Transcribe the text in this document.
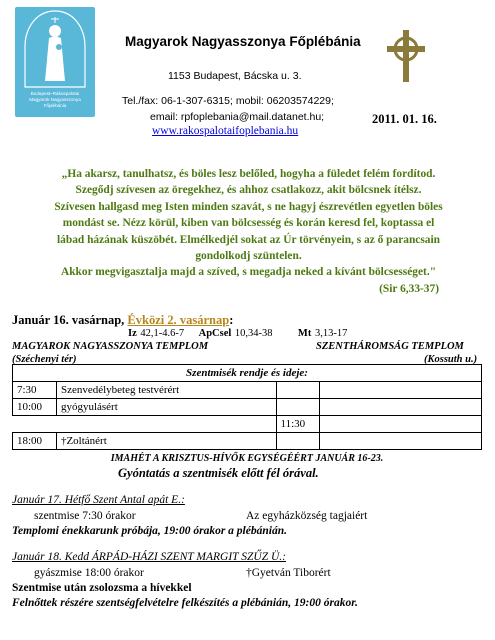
Budapest–Rákospalotai
Magyarok Nagyasszonya
Főplébánia
Magyarok Nagyasszonya Főplébánia
1153 Budapest, Bácska u. 3.
Tel./fax: 06-1-307-6315; mobil: 06203574229;
email: rpfoplebania@mail.datanet.hu;
www.rakospalotaifoplebania.hu
2011. 01. 16.
„Ha akarsz, tanulhatsz, és böles lesz belőled, hogyha a füledet felém fordítod.
Szegődj szívesen az öregekhez, és ahhoz csatlakozz, akit bölcsnek ítélsz.
Szívesen hallgasd meg Isten minden szavát, s ne hagyj észrevétlen egyetlen böles
mondást se. Nézz körül, kiben van bölcsesség és korán keresd fel, koptassa el
lábad házának küszöbét. Elmélkedjél sokat az Úr törvényein, s az ő parancsain
gondolkodj szüntelen.
Akkor megvigasztalja majd a szíved, s megadja neked a kívánt bölcsességet."
(Sir 6,33-37)
Január 16. vasárnap, Évközi 2. vasárnap:
Iz 42,1-4.6-7 ApCsel 10,34-38 Mt 3,13-17
MAGYAROK NAGYASSZONYA TEMPLOM
(Széchenyi tér)
SZENTHÁROMSÁG TEMPLOM
(Kossuth u.)
Szentmisék rendje és ideje:			
7:30	Szenvedélybeteg testvérért		
10:00	gyógyulásért		
		11:30	
18:00	†Zoltánért		
IMAHÉT A KRISZTUS-HÍVŐK EGYSÉGÉÉRT JANUÁR 16-23.			
Gyóntatás a szentmisék előtt fél órával.
Január 17. Hétfő Szent Antal apát E.:
szentmise 7:30 órakor	Az egyházközség tagjaiért
Templomi énekkarunk próbája, 19:00 órakor a plébánián.
Január 18. Kedd ÁRPÁD-HÁZI SZENT MARGIT SZŰZ Ü.:
gyászmise 18:00 órakor	†Gyetván Tiborért
Szentmise után zsolozsma a hívekkel
Felnőttek részére szentségfelvételre felkészítés a plébánián, 19:00 órakor.
